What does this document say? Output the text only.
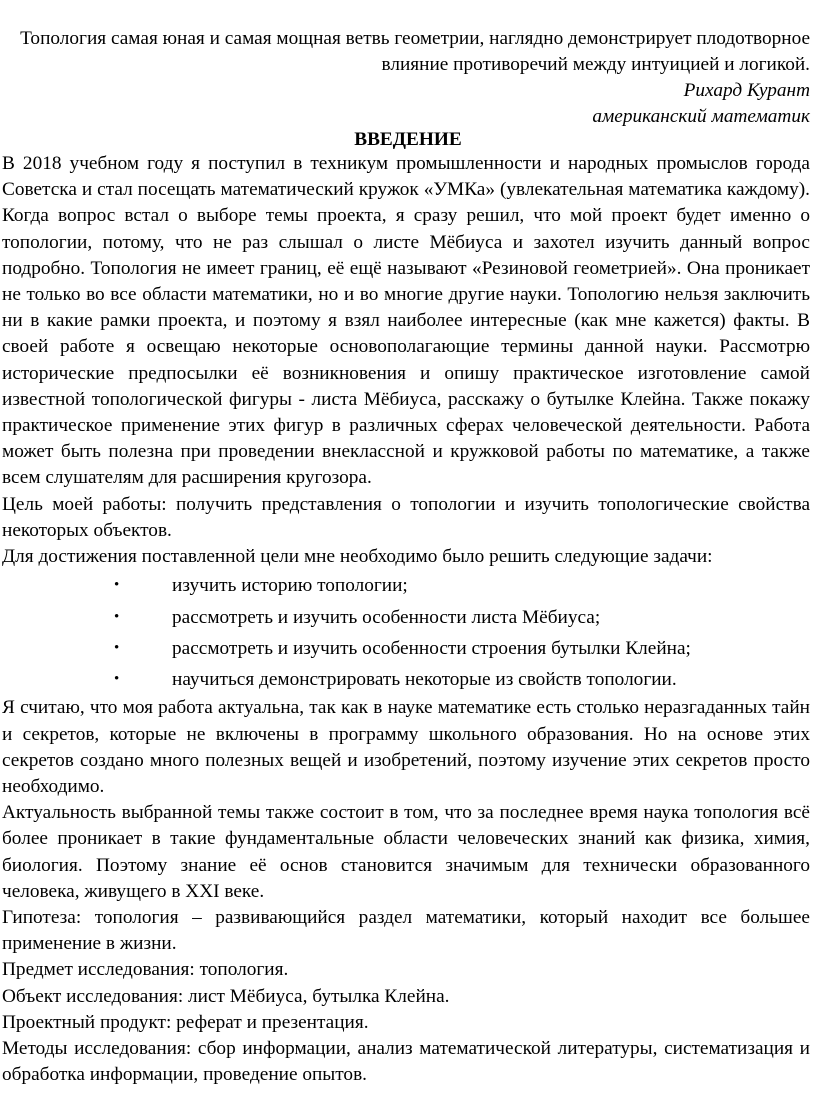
Топология самая юная и самая мощная ветвь геометрии, наглядно демонстрирует плодотворное влияние противоречий между интуицией и логикой.
Рихард Курант
американский математик
ВВЕДЕНИЕ

В 2018 учебном году я поступил в техникум промышленности и народных промыслов города Советска и стал посещать математический кружок «УМКа» (увлекательная математика каждому). Когда вопрос встал о выборе темы проекта, я сразу решил, что мой проект будет именно о топологии, потому, что не раз слышал о листе Мёбиуса и захотел изучить данный вопрос подробно. Топология не имеет границ, её ещё называют «Резиновой геометрией». Она проникает не только во все области математики, но и во многие другие науки. Топологию нельзя заключить ни в какие рамки проекта, и поэтому я взял наиболее интересные (как мне кажется) факты. В своей работе я освещаю некоторые основополагающие термины данной науки. Рассмотрю исторические предпосылки её возникновения и опишу практическое изготовление самой известной топологической фигуры - листа Мёбиуса, расскажу о бутылке Клейна. Также покажу практическое применение этих фигур в различных сферах человеческой деятельности. Работа может быть полезна при проведении внеклассной и кружковой работы по математике, а также всем слушателям для расширения кругозора.

Цель моей работы: получить представления о топологии и изучить топологические свойства некоторых объектов.

Для достижения поставленной цели мне необходимо было решить следующие задачи:

•	изучить историю топологии;
•	рассмотреть и изучить особенности листа Мёбиуса;
•	рассмотреть и изучить особенности строения бутылки Клейна;
•	научиться демонстрировать некоторые из свойств топологии.

Я считаю, что моя работа актуальна, так как в науке математике есть столько неразгаданных тайн и секретов, которые не включены в программу школьного образования. Но на основе этих секретов создано много полезных вещей и изобретений, поэтому изучение этих секретов просто необходимо.

Актуальность выбранной темы также состоит в том, что за последнее время наука топология всё более проникает в такие фундаментальные области человеческих знаний как физика, химия, биология. Поэтому знание её основ становится значимым для технически образованного человека, живущего в XXI веке.

Гипотеза: топология – развивающийся раздел математики, который находит все большее применение в жизни.

Предмет исследования: топология.

Объект исследования: лист Мёбиуса, бутылка Клейна.

Проектный продукт: реферат и презентация.

Методы исследования: сбор информации, анализ математической литературы, систематизация и обработка информации, проведение опытов.
